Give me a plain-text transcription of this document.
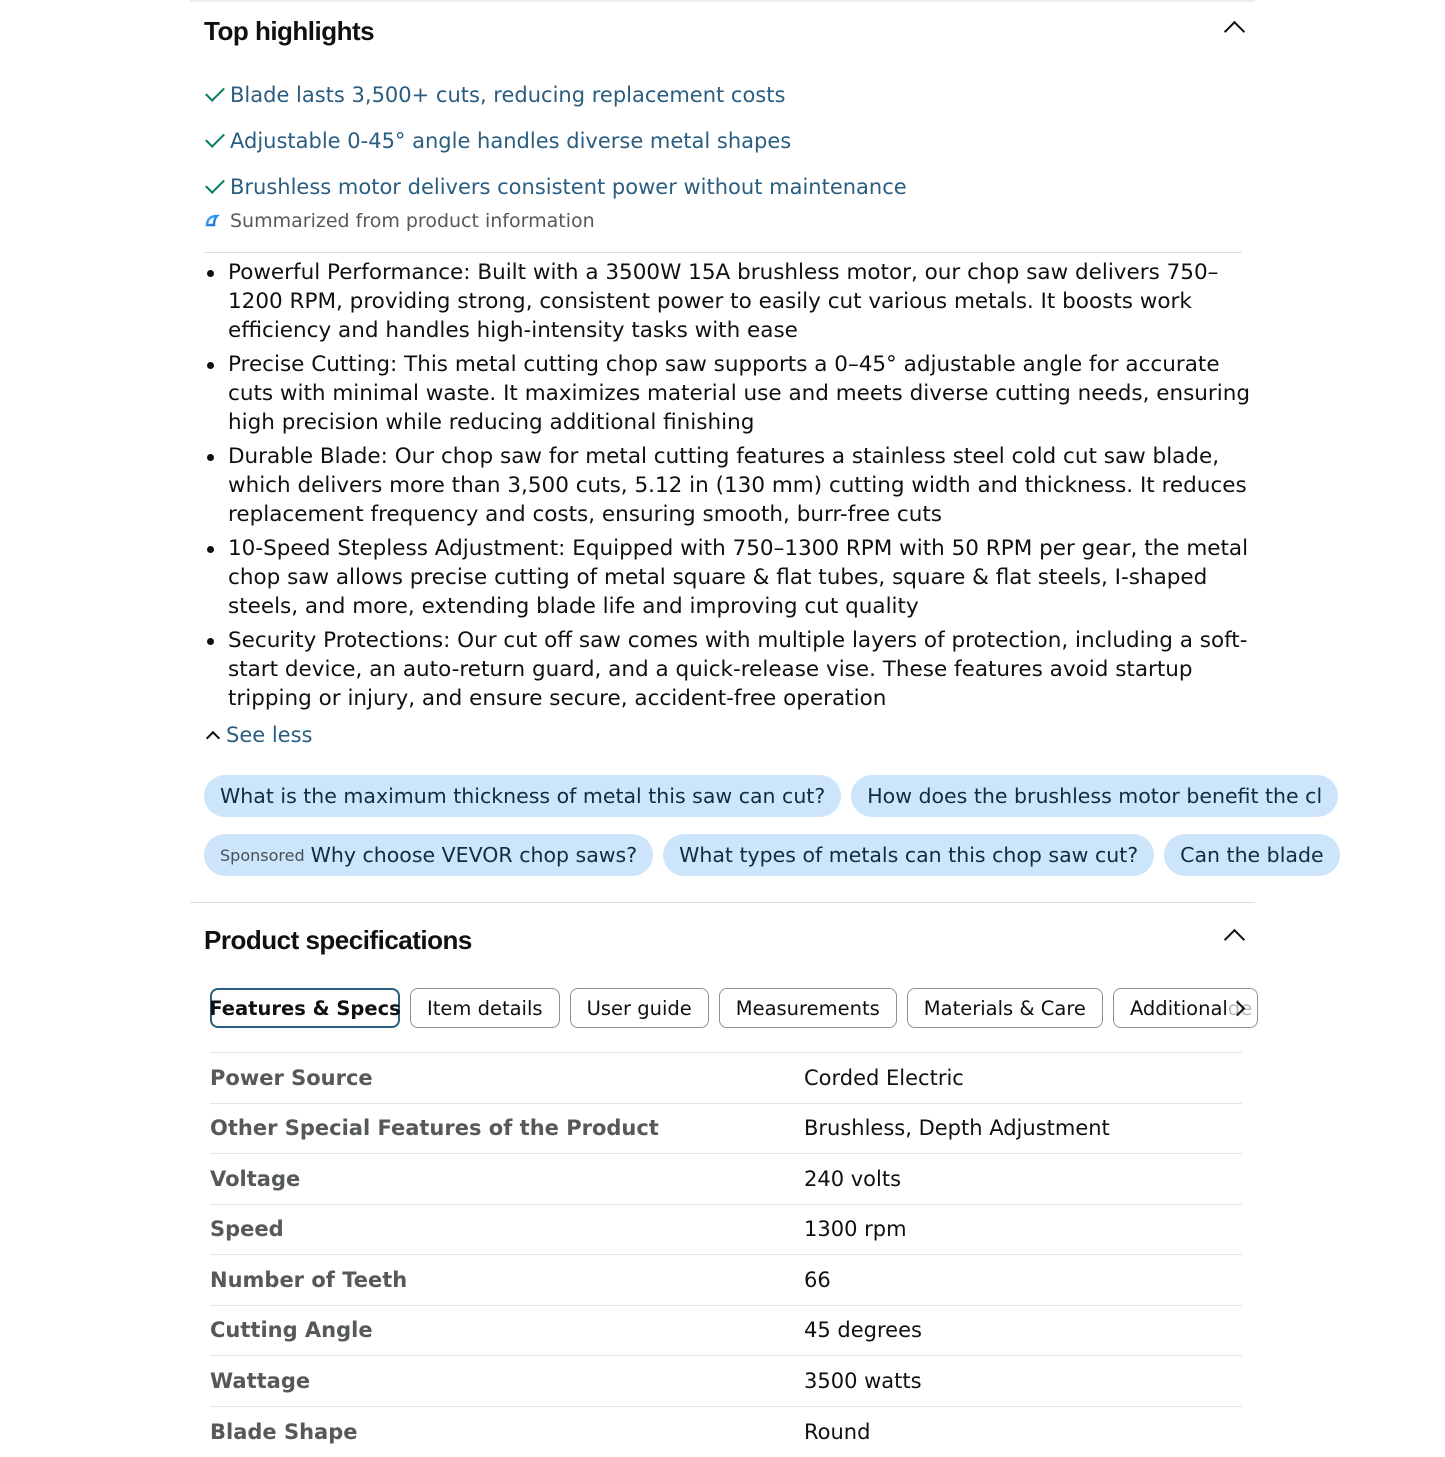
Top highlights
Blade lasts 3,500+ cuts, reducing replacement costs
Adjustable 0-45° angle handles diverse metal shapes
Brushless motor delivers consistent power without maintenance
Summarized from product information
Powerful Performance: Built with a 3500W 15A brushless motor, our chop saw delivers 750–1200 RPM, providing strong, consistent power to easily cut various metals. It boosts work efficiency and handles high-intensity tasks with ease
Precise Cutting: This metal cutting chop saw supports a 0–45° adjustable angle for accurate cuts with minimal waste. It maximizes material use and meets diverse cutting needs, ensuring high precision while reducing additional finishing
Durable Blade: Our chop saw for metal cutting features a stainless steel cold cut saw blade, which delivers more than 3,500 cuts, 5.12 in (130 mm) cutting width and thickness. It reduces replacement frequency and costs, ensuring smooth, burr-free cuts
10-Speed Stepless Adjustment: Equipped with 750–1300 RPM with 50 RPM per gear, the metal chop saw allows precise cutting of metal square & flat tubes, square & flat steels, I-shaped steels, and more, extending blade life and improving cut quality
Security Protections: Our cut off saw comes with multiple layers of protection, including a soft-start device, an auto-return guard, and a quick-release vise. These features avoid startup tripping or injury, and ensure secure, accident-free operation
See less
What is the maximum thickness of metal this saw can cut? How does the brushless motor benefit the cl
Sponsored Why choose VEVOR chop saws? What types of metals can this chop saw cut? Can the blade
Product specifications
Features & Specs Item details User guide Measurements Materials & Care Additional de
Power Source	Corded Electric
Other Special Features of the Product	Brushless, Depth Adjustment
Voltage	240 volts
Speed	1300 rpm
Number of Teeth	66
Cutting Angle	45 degrees
Wattage	3500 watts
Blade Shape	Round
